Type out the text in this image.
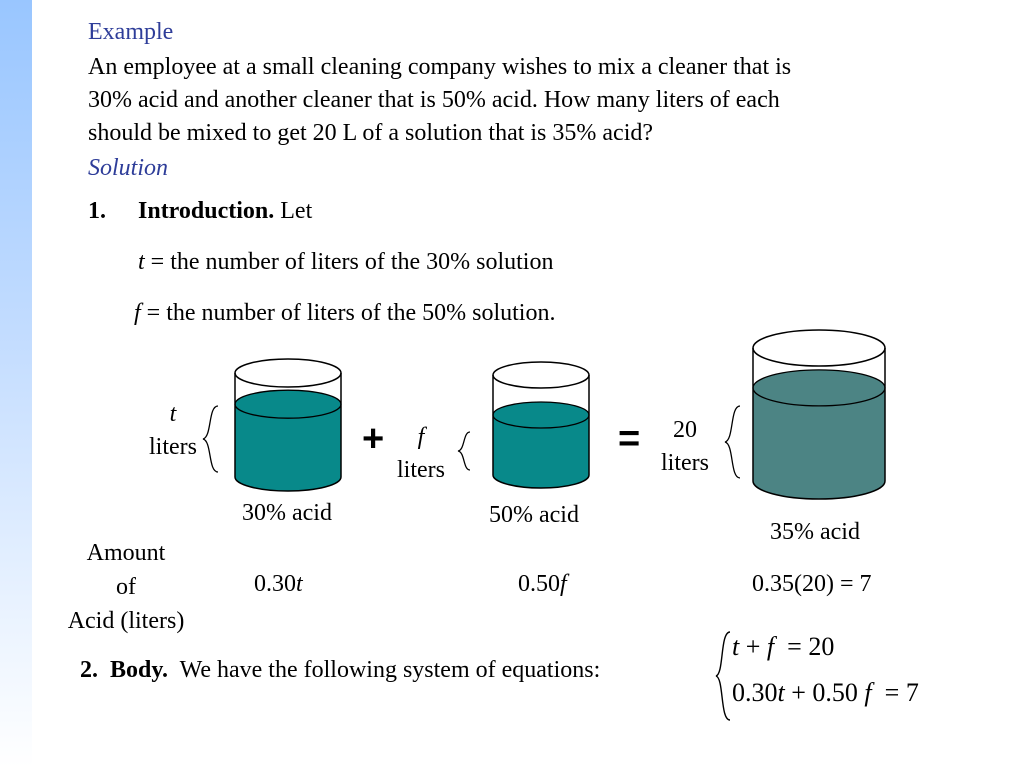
Example
An employee at a small cleaning company wishes to mix a cleaner that is
30% acid and another cleaner that is 50% acid. How many liters of each
should be mixed to get 20 L of a solution that is 35% acid?
Solution
1. Introduction. Let
t = the number of liters of the 30% solution
f = the number of liters of the 50% solution.
t
liters	f
liters
20
liters
+	=
30% acid	50% acid
35% acid
Amount
of
Acid (liters)
0.30t	0.50f	0.35(20) = 7
2. Body. We have the following system of equations:
t + f = 20
0.30t + 0.50 f = 7
